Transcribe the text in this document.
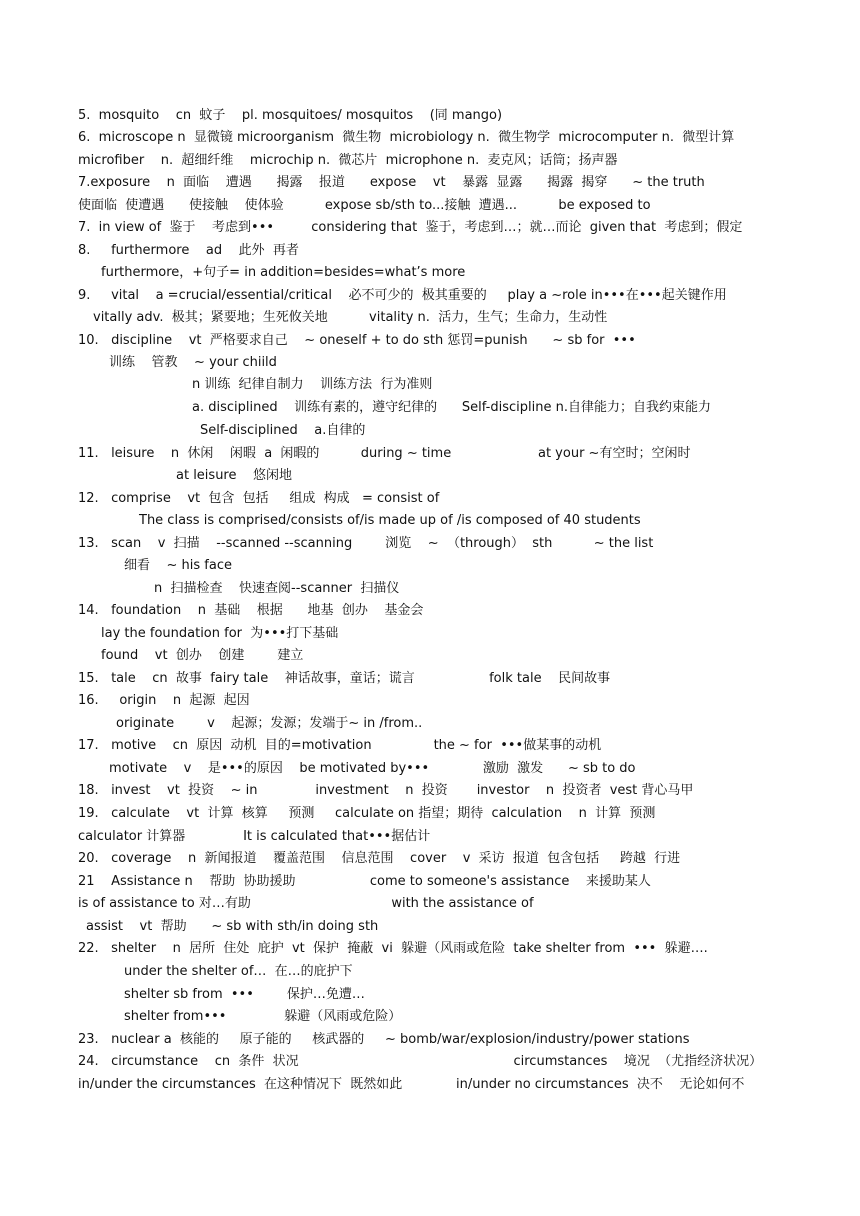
5.  mosquito    cn  蚊子    pl. mosquitoes/ mosquitos    (同 mango)
6.  microscope n  显微镜 microorganism  微生物  microbiology n.  微生物学  microcomputer n.  微型计算
microfiber    n.  超细纤维    microchip n.  微芯片  microphone n.  麦克风；话筒；扬声器
7.exposure    n  面临    遭遇      揭露    报道      expose    vt    暴露  显露      揭露  揭穿      ~ the truth
使面临  使遭遇      使接触    使体验          expose sb/sth to...接触  遭遇...          be exposed to
7.  in view of  鉴于    考虑到•••         considering that  鉴于，考虑到…；就…而论  given that  考虑到；假定
8.     furthermore    ad    此外  再者
furthermore，+句子= in addition=besides=what’s more
9.     vital    a =crucial/essential/critical    必不可少的  极其重要的     play a ~role in•••在•••起关键作用
vitally adv.  极其；紧要地；生死攸关地          vitality n.  活力，生气；生命力，生动性
10.   discipline    vt  严格要求自己    ~ oneself + to do sth 惩罚=punish      ~ sb for  •••
训练    管教    ~ your chiild
n 训练  纪律自制力    训练方法  行为准则
a. disciplined    训练有素的，遵守纪律的      Self-discipline n.自律能力；自我约束能力
Self-disciplined    a.自律的
11.   leisure    n  休闲    闲暇  a  闲暇的          during ~ time                     at your ~有空时；空闲时
at leisure    悠闲地
12.   comprise    vt  包含  包括     组成  构成   = consist of
The class is comprised/consists of/is made up of /is composed of 40 students
13.   scan    v  扫描    --scanned --scanning        浏览    ~  （through）  sth          ~ the list
细看    ~ his face
n  扫描检查    快速查阅--scanner  扫描仪
14.   foundation    n  基础    根据      地基  创办    基金会
lay the foundation for  为•••打下基础
found    vt  创办    创建        建立
15.   tale    cn  故事  fairy tale    神话故事，童话；谎言                  folk tale    民间故事
16.     origin    n  起源  起因
originate        v    起源；发源；发端于~ in /from..
17.   motive    cn  原因  动机  目的=motivation               the ~ for  •••做某事的动机
motivate    v    是•••的原因    be motivated by•••             激励  激发      ~ sb to do
18.   invest    vt  投资    ~ in              investment    n  投资       investor    n  投资者  vest 背心马甲
19.   calculate    vt  计算  核算     预测     calculate on 指望；期待  calculation    n  计算  预测
calculator 计算器              It is calculated that•••据估计
20.   coverage    n  新闻报道    覆盖范围    信息范围    cover    v  采访  报道  包含包括     跨越  行进
21    Assistance n    帮助  协助援助                  come to someone's assistance    来援助某人
is of assistance to 对…有助                                  with the assistance of
assist    vt  帮助      ~ sb with sth/in doing sth
22.   shelter    n  居所  住处  庇护  vt  保护  掩蔽  vi  躲避（风雨或危险  take shelter from  •••  躲避….
under the shelter of…  在…的庇护下
shelter sb from  •••        保护…免遭…
shelter from•••              躲避（风雨或危险）
23.   nuclear a  核能的     原子能的     核武器的     ~ bomb/war/explosion/industry/power stations
24.   circumstance    cn  条件  状况                                                    circumstances    境况  （尤指经济状况）
in/under the circumstances  在这种情况下  既然如此             in/under no circumstances  决不    无论如何不
